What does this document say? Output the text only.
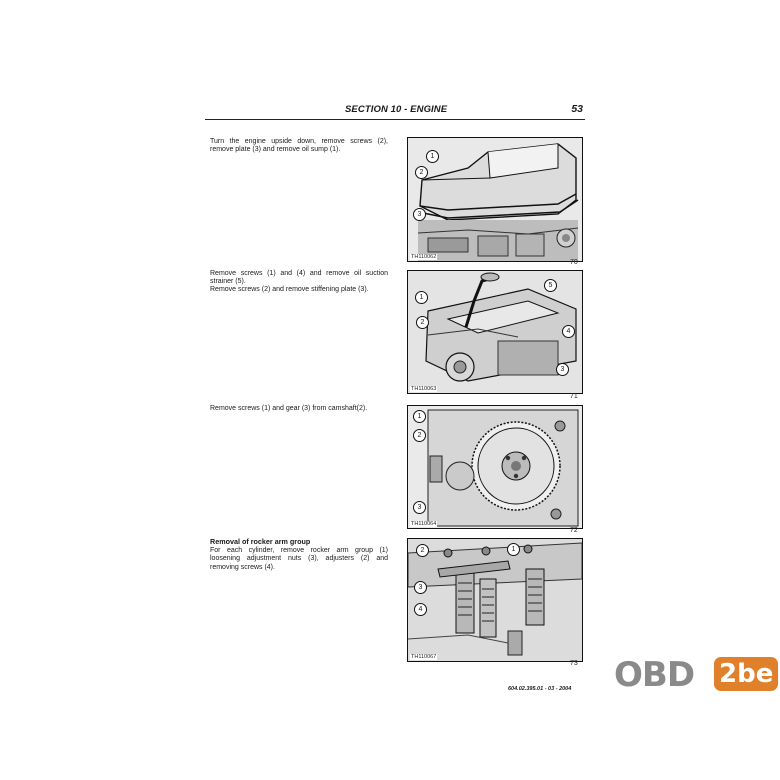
SECTION 10 - ENGINE	53
Turn the engine upside down, remove screws (2), remove plate (3) and remove oil sump (1).
1
2
3
TH110062
70
Remove screws (1) and (4) and remove oil suction strainer (5).
Remove screws (2) and remove stiffening plate (3).
1
2
3
4
5
TH110063
71
Remove screws (1) and gear (3) from camshaft(2).
1
2
3
TH110064
72
Removal of rocker arm group
For each cylinder, remove rocker arm group (1) loosening adjustment nuts (3), adjusters (2) and removing screws (4).
2	1
3
4
TH110067
73
604.02.395.01 - 03 - 2004 OBD 2be
